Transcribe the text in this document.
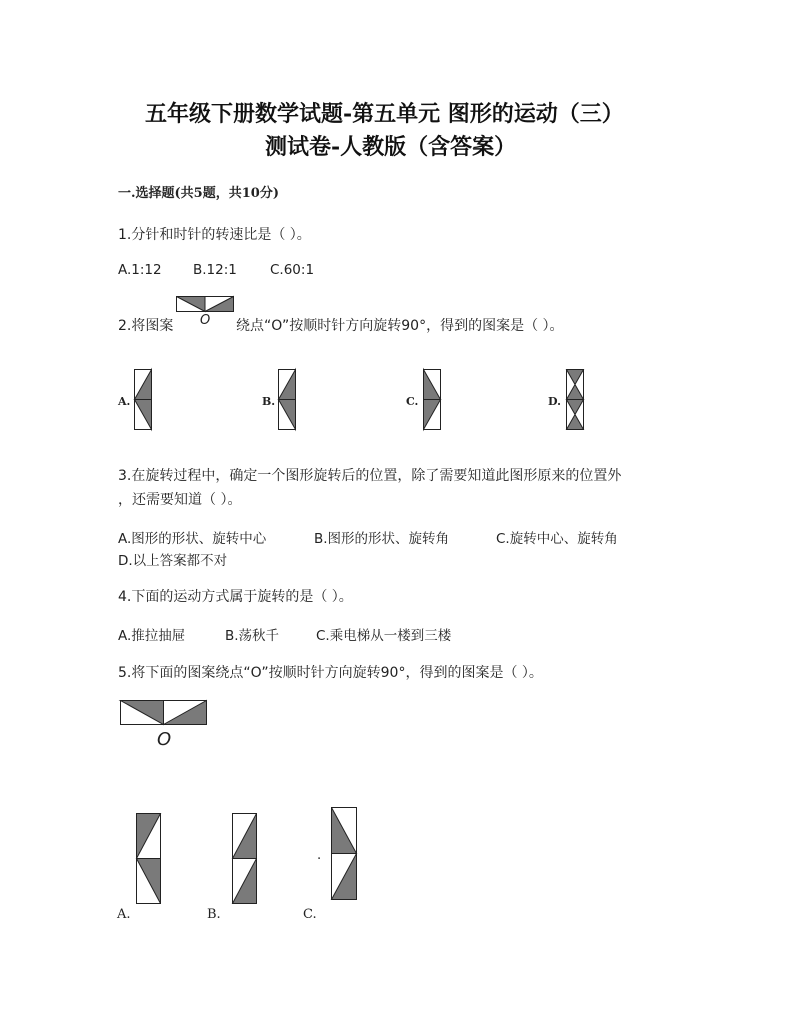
五年级下册数学试题-第五单元 图形的运动（三）
测试卷-人教版（含答案）
一.选择题(共5题，共10分)
1.分针和时针的转速比是（ ）。
A.1:12 B.12:1 C.60:1
2.将图案 O 绕点“O”按顺时针方向旋转90°，得到的图案是（ ）。
A.	B.	C.	D.
3.在旋转过程中，确定一个图形旋转后的位置，除了需要知道此图形原来的位置外
，还需要知道（ ）。
A.图形的形状、旋转中心	B.图形的形状、旋转角	C.旋转中心、旋转角
D.以上答案都不对
4.下面的运动方式属于旋转的是（ ）。
A.推拉抽屉	B.荡秋千	C.乘电梯从一楼到三楼
5.将下面的图案绕点“O”按顺时针方向旋转90°，得到的图案是（ ）。
O
A.	B.
.
C.
